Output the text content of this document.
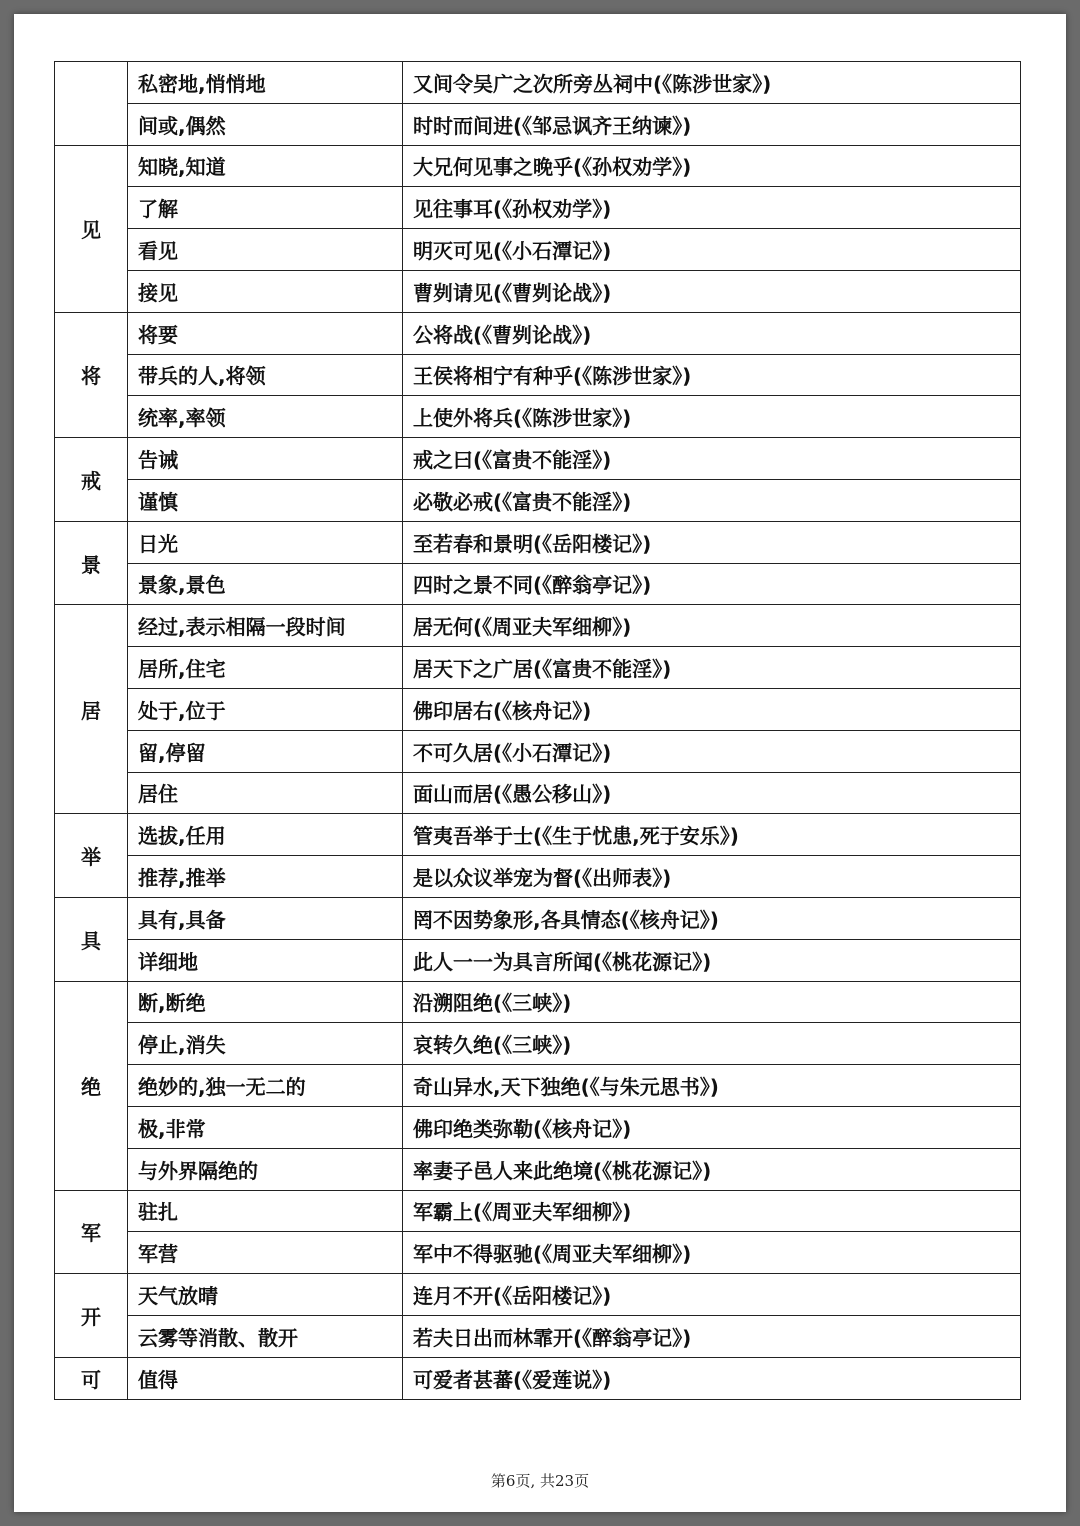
	私密地,悄悄地	又间令吴广之次所旁丛祠中(《陈涉世家》)
	间或,偶然	时时而间进(《邹忌讽齐王纳谏》)
见	知晓,知道	大兄何见事之晚乎(《孙权劝学》)
	了解	见往事耳(《孙权劝学》)
	看见	明灭可见(《小石潭记》)
	接见	曹刿请见(《曹刿论战》)
将	将要	公将战(《曹刿论战》)
	带兵的人,将领	王侯将相宁有种乎(《陈涉世家》)
	统率,率领	上使外将兵(《陈涉世家》)
戒	告诫	戒之曰(《富贵不能淫》)
	谨慎	必敬必戒(《富贵不能淫》)
景	日光	至若春和景明(《岳阳楼记》)
	景象,景色	四时之景不同(《醉翁亭记》)
居	经过,表示相隔一段时间	居无何(《周亚夫军细柳》)
	居所,住宅	居天下之广居(《富贵不能淫》)
	处于,位于	佛印居右(《核舟记》)
	留,停留	不可久居(《小石潭记》)
	居住	面山而居(《愚公移山》)
举	选拔,任用	管夷吾举于士(《生于忧患,死于安乐》)
	推荐,推举	是以众议举宠为督(《出师表》)
具	具有,具备	罔不因势象形,各具情态(《核舟记》)
	详细地	此人一一为具言所闻(《桃花源记》)
绝	断,断绝	沿溯阻绝(《三峡》)
	停止,消失	哀转久绝(《三峡》)
	绝妙的,独一无二的	奇山异水,天下独绝(《与朱元思书》)
	极,非常	佛印绝类弥勒(《核舟记》)
	与外界隔绝的	率妻子邑人来此绝境(《桃花源记》)
军	驻扎	军霸上(《周亚夫军细柳》)
	军营	军中不得驱驰(《周亚夫军细柳》)
开	天气放晴	连月不开(《岳阳楼记》)
	云雾等消散、散开	若夫日出而林霏开(《醉翁亭记》)
可	值得	可爱者甚蕃(《爱莲说》)
第6页, 共23页
